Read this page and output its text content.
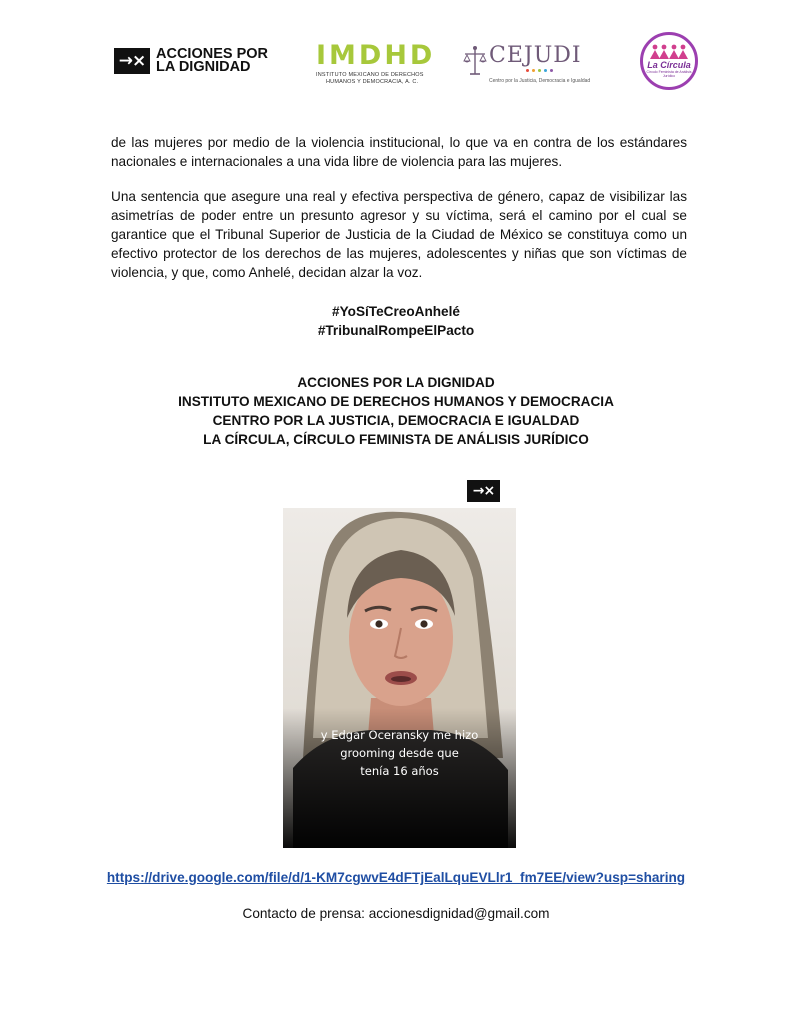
→× ACCIONES POR
LA DIGNIDAD	IMDHD
INSTITUTO MEXICANO DE DERECHOS
HUMANOS Y DEMOCRACIA, A. C.
CEJUDI
Centro por la Justicia, Democracia e Igualdad
La Círcula
Círculo Feminista de Análisis Jurídico

de las mujeres por medio de la violencia institucional, lo que va en contra de los estándares nacionales e internacionales a una vida libre de violencia para las mujeres.

Una sentencia que asegure una real y efectiva perspectiva de género, capaz de visibilizar las asimetrías de poder entre un presunto agresor y su víctima, será el camino por el cual se garantice que el Tribunal Superior de Justicia de la Ciudad de México se constituya como un efectivo protector de los derechos de las mujeres, adolescentes y niñas que son víctimas de violencia, y que, como Anhelé, decidan alzar la voz.

#YoSíTeCreoAnhelé
#TribunalRompeElPacto
ACCIONES POR LA DIGNIDAD
INSTITUTO MEXICANO DE DERECHOS HUMANOS Y DEMOCRACIA
CENTRO POR LA JUSTICIA, DEMOCRACIA E IGUALDAD
LA CÍRCULA, CÍRCULO FEMINISTA DE ANÁLISIS JURÍDICO
→×
y Edgar Oceransky me hizo
grooming desde que
tenía 16 años
https://drive.google.com/file/d/1-KM7cgwvE4dFTjEalLquEVLlr1_fm7EE/view?usp=sharing
Contacto de prensa: accionesdignidad@gmail.com
